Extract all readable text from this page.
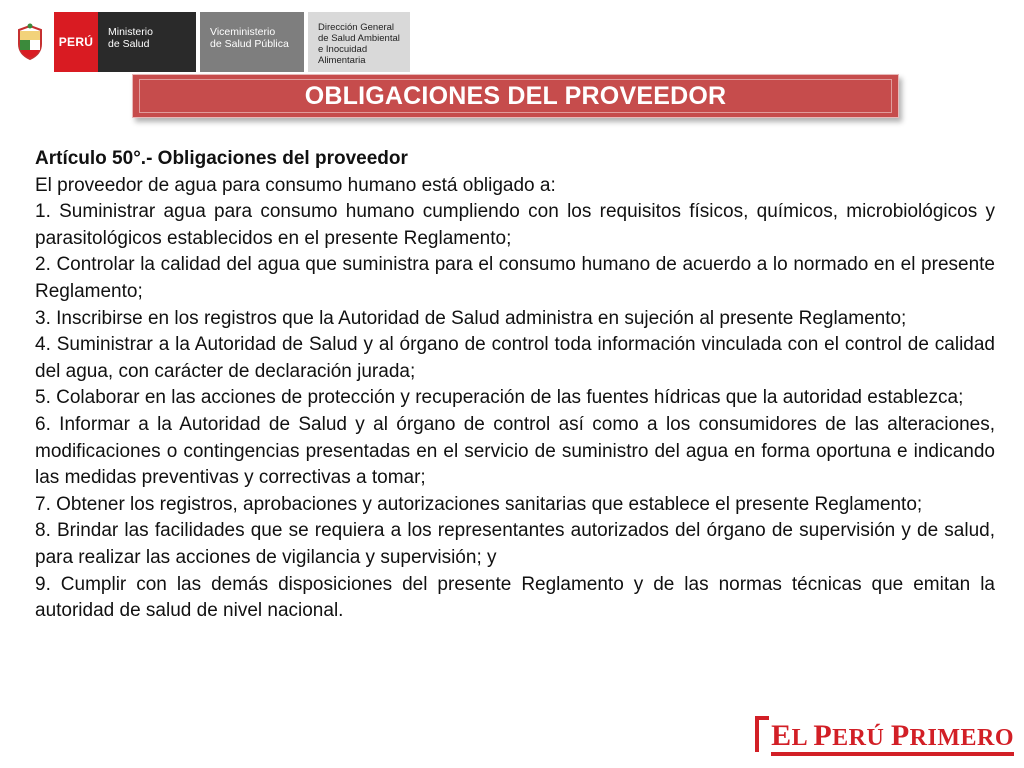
PERÚ
Ministerio
de Salud
Viceministerio
de Salud Pública
Dirección General
de Salud Ambiental
e Inocuidad Alimentaria
OBLIGACIONES DEL PROVEEDOR

Artículo 50°.- Obligaciones del proveedor

El proveedor de agua para consumo humano está obligado a:

1. Suministrar agua para consumo humano cumpliendo con los requisitos físicos, químicos, microbiológicos y parasitológicos establecidos en el presente Reglamento;

2. Controlar la calidad del agua que suministra para el consumo humano de acuerdo a lo normado en el presente Reglamento;

3. Inscribirse en los registros que la Autoridad de Salud administra en sujeción al presente Reglamento;

4. Suministrar a la Autoridad de Salud y al órgano de control toda información vinculada con el control de calidad del agua, con carácter de declaración jurada;

5. Colaborar en las acciones de protección y recuperación de las fuentes hídricas que la autoridad establezca;

6. Informar a la Autoridad de Salud y al órgano de control así como a los consumidores de las alteraciones, modificaciones o contingencias presentadas en el servicio de suministro del agua en forma oportuna e indicando las medidas preventivas y correctivas a tomar;

7. Obtener los registros, aprobaciones y autorizaciones sanitarias que establece el presente Reglamento;

8. Brindar las facilidades que se requiera a los representantes autorizados del órgano de supervisión y de salud, para realizar las acciones de vigilancia y supervisión; y

9. Cumplir con las demás disposiciones del presente Reglamento y de las normas técnicas que emitan la autoridad de salud de nivel nacional.

EL PERÚ PRIMERO
